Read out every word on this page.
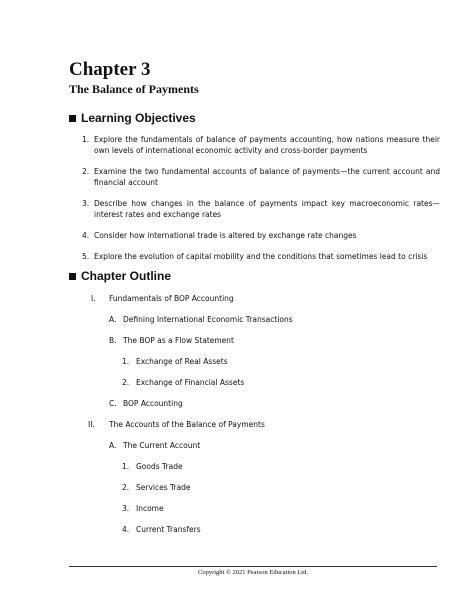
Chapter 3
The Balance of Payments
Learning Objectives
1. Explore the fundamentals of balance of payments accounting, how nations measure their own levels of international economic activity and cross-border payments
2. Examine the two fundamental accounts of balance of payments—the current account and financial account
3. Describe how changes in the balance of payments impact key macroeconomic rates—interest rates and exchange rates
4. Consider how international trade is altered by exchange rate changes
5. Explore the evolution of capital mobility and the conditions that sometimes lead to crisis
Chapter Outline
I. Fundamentals of BOP Accounting
A. Defining International Economic Transactions
B. The BOP as a Flow Statement
1. Exchange of Real Assets
2. Exchange of Financial Assets
C. BOP Accounting
II. The Accounts of the Balance of Payments
A. The Current Account
1. Goods Trade
2. Services Trade
3. Income
4. Current Transfers
Copyright © 2021 Pearson Education Ltd.
